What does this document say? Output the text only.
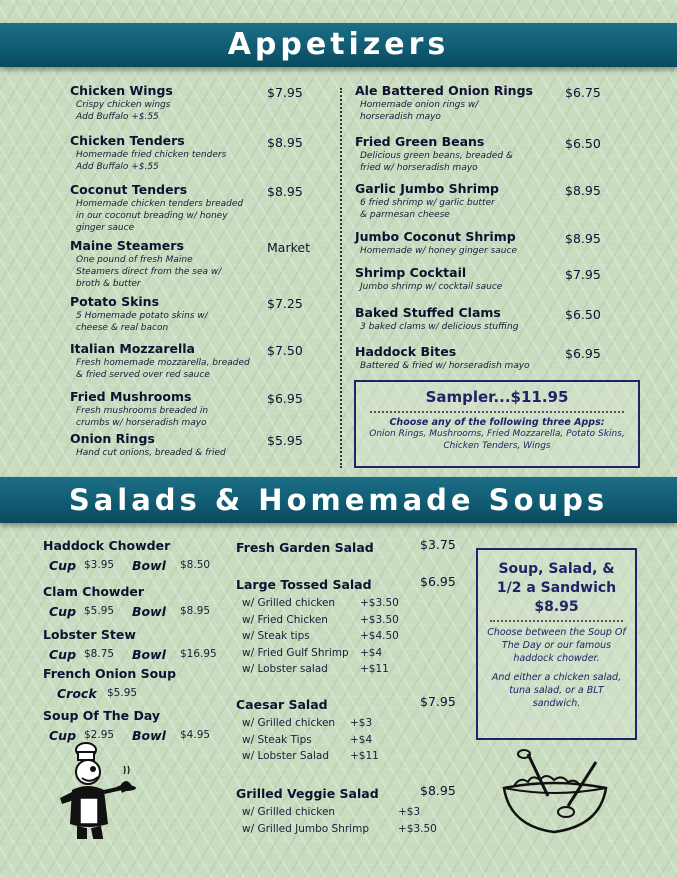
Appetizers
Salads & Homemade Soups
Chicken Wings	$7.95
Crispy chicken wings
Add Buffalo +$.55
Chicken Tenders	$8.95
Homemade fried chicken tenders
Add Buffalo +$.55
Coconut Tenders	$8.95
Homemade chicken tenders breaded
in our coconut breading w/ honey
ginger sauce
Maine Steamers	Market
One pound of fresh Maine
Steamers direct from the sea w/
broth & butter
Potato Skins	$7.25
5 Homemade potato skins w/
cheese & real bacon
Italian Mozzarella	$7.50
Fresh homemade mozzarella, breaded
& fried served over red sauce
Fried Mushrooms	$6.95
Fresh mushrooms breaded in
crumbs w/ horseradish mayo
Onion Rings	$5.95
Hand cut onions, breaded & fried
Ale Battered Onion Rings	$6.75
Homemade onion rings w/
horseradish mayo
Fried Green Beans	$6.50
Delicious green beans, breaded &
fried w/ horseradish mayo
Garlic Jumbo Shrimp	$8.95
6 fried shrimp w/ garlic butter
& parmesan cheese
Jumbo Coconut Shrimp	$8.95
Homemade w/ honey ginger sauce
Shrimp Cocktail	$7.95
Jumbo shrimp w/ cocktail sauce
Baked Stuffed Clams	$6.50
3 baked clams w/ delicious stuffing
Haddock Bites	$6.95
Battered & fried w/ horseradish mayo
Sampler...$11.95
Choose any of the following three Apps:
Onion Rings, Mushrooms, Fried Mozzarella, Potato Skins,
Chicken Tenders, Wings
Haddock Chowder
Cup $3.95 Bowl $8.50
Clam Chowder
Cup $5.95 Bowl $8.95
Lobster Stew
Cup $8.75 Bowl $16.95
French Onion Soup
Crock $5.95
Soup Of The Day
Cup $2.95 Bowl $4.95
Fresh Garden Salad	$3.75
Large Tossed Salad	$6.95
w/ Grilled chicken +$3.50
w/ Fried Chicken	+$3.50
w/ Steak tips	+$4.50
w/ Fried Gulf Shrimp +$4
w/ Lobster salad	+$11
Caesar Salad	$7.95
w/ Grilled chicken +$3
w/ Steak Tips	+$4
w/ Lobster Salad +$11
Grilled Veggie Salad	$8.95
w/ Grilled chicken	+$3
w/ Grilled Jumbo Shrimp	+$3.50
Soup, Salad, &
1/2 a Sandwich
$8.95
Choose between the Soup Of
The Day or our famous
haddock chowder.
And either a chicken salad,
tuna salad, or a BLT
sandwich.
